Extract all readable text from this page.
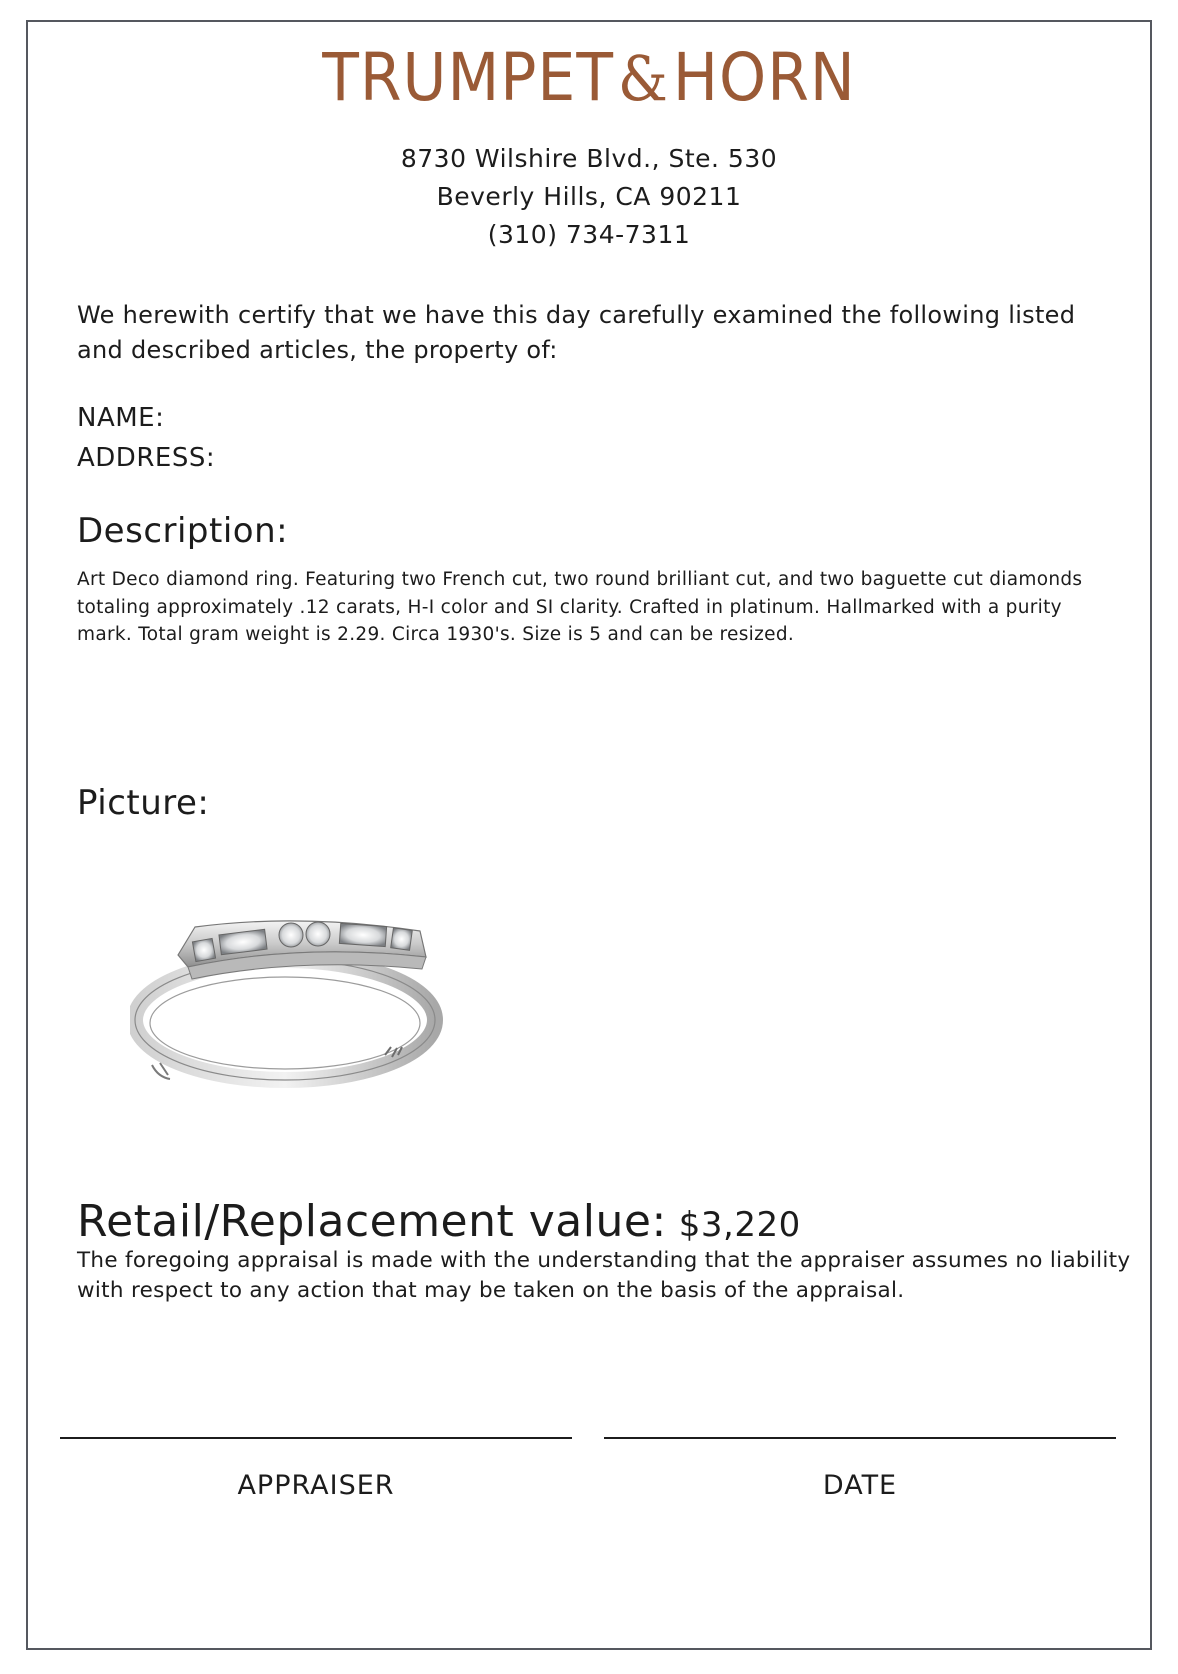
TRUMPET&HORN
8730 Wilshire Blvd., Ste. 530
Beverly Hills, CA 90211
(310) 734-7311
We herewith certify that we have this day carefully examined the following listed and described articles, the property of:
NAME:
ADDRESS:
Description:
Art Deco diamond ring. Featuring two French cut, two round brilliant cut, and two baguette cut diamonds totaling approximately .12 carats, H-I color and SI clarity. Crafted in platinum. Hallmarked with a purity mark. Total gram weight is 2.29. Circa 1930's. Size is 5 and can be resized.
Picture:
Retail/Replacement value: $3,220
The foregoing appraisal is made with the understanding that the appraiser assumes no liability with respect to any action that may be taken on the basis of the appraisal.
APPRAISER	DATE
